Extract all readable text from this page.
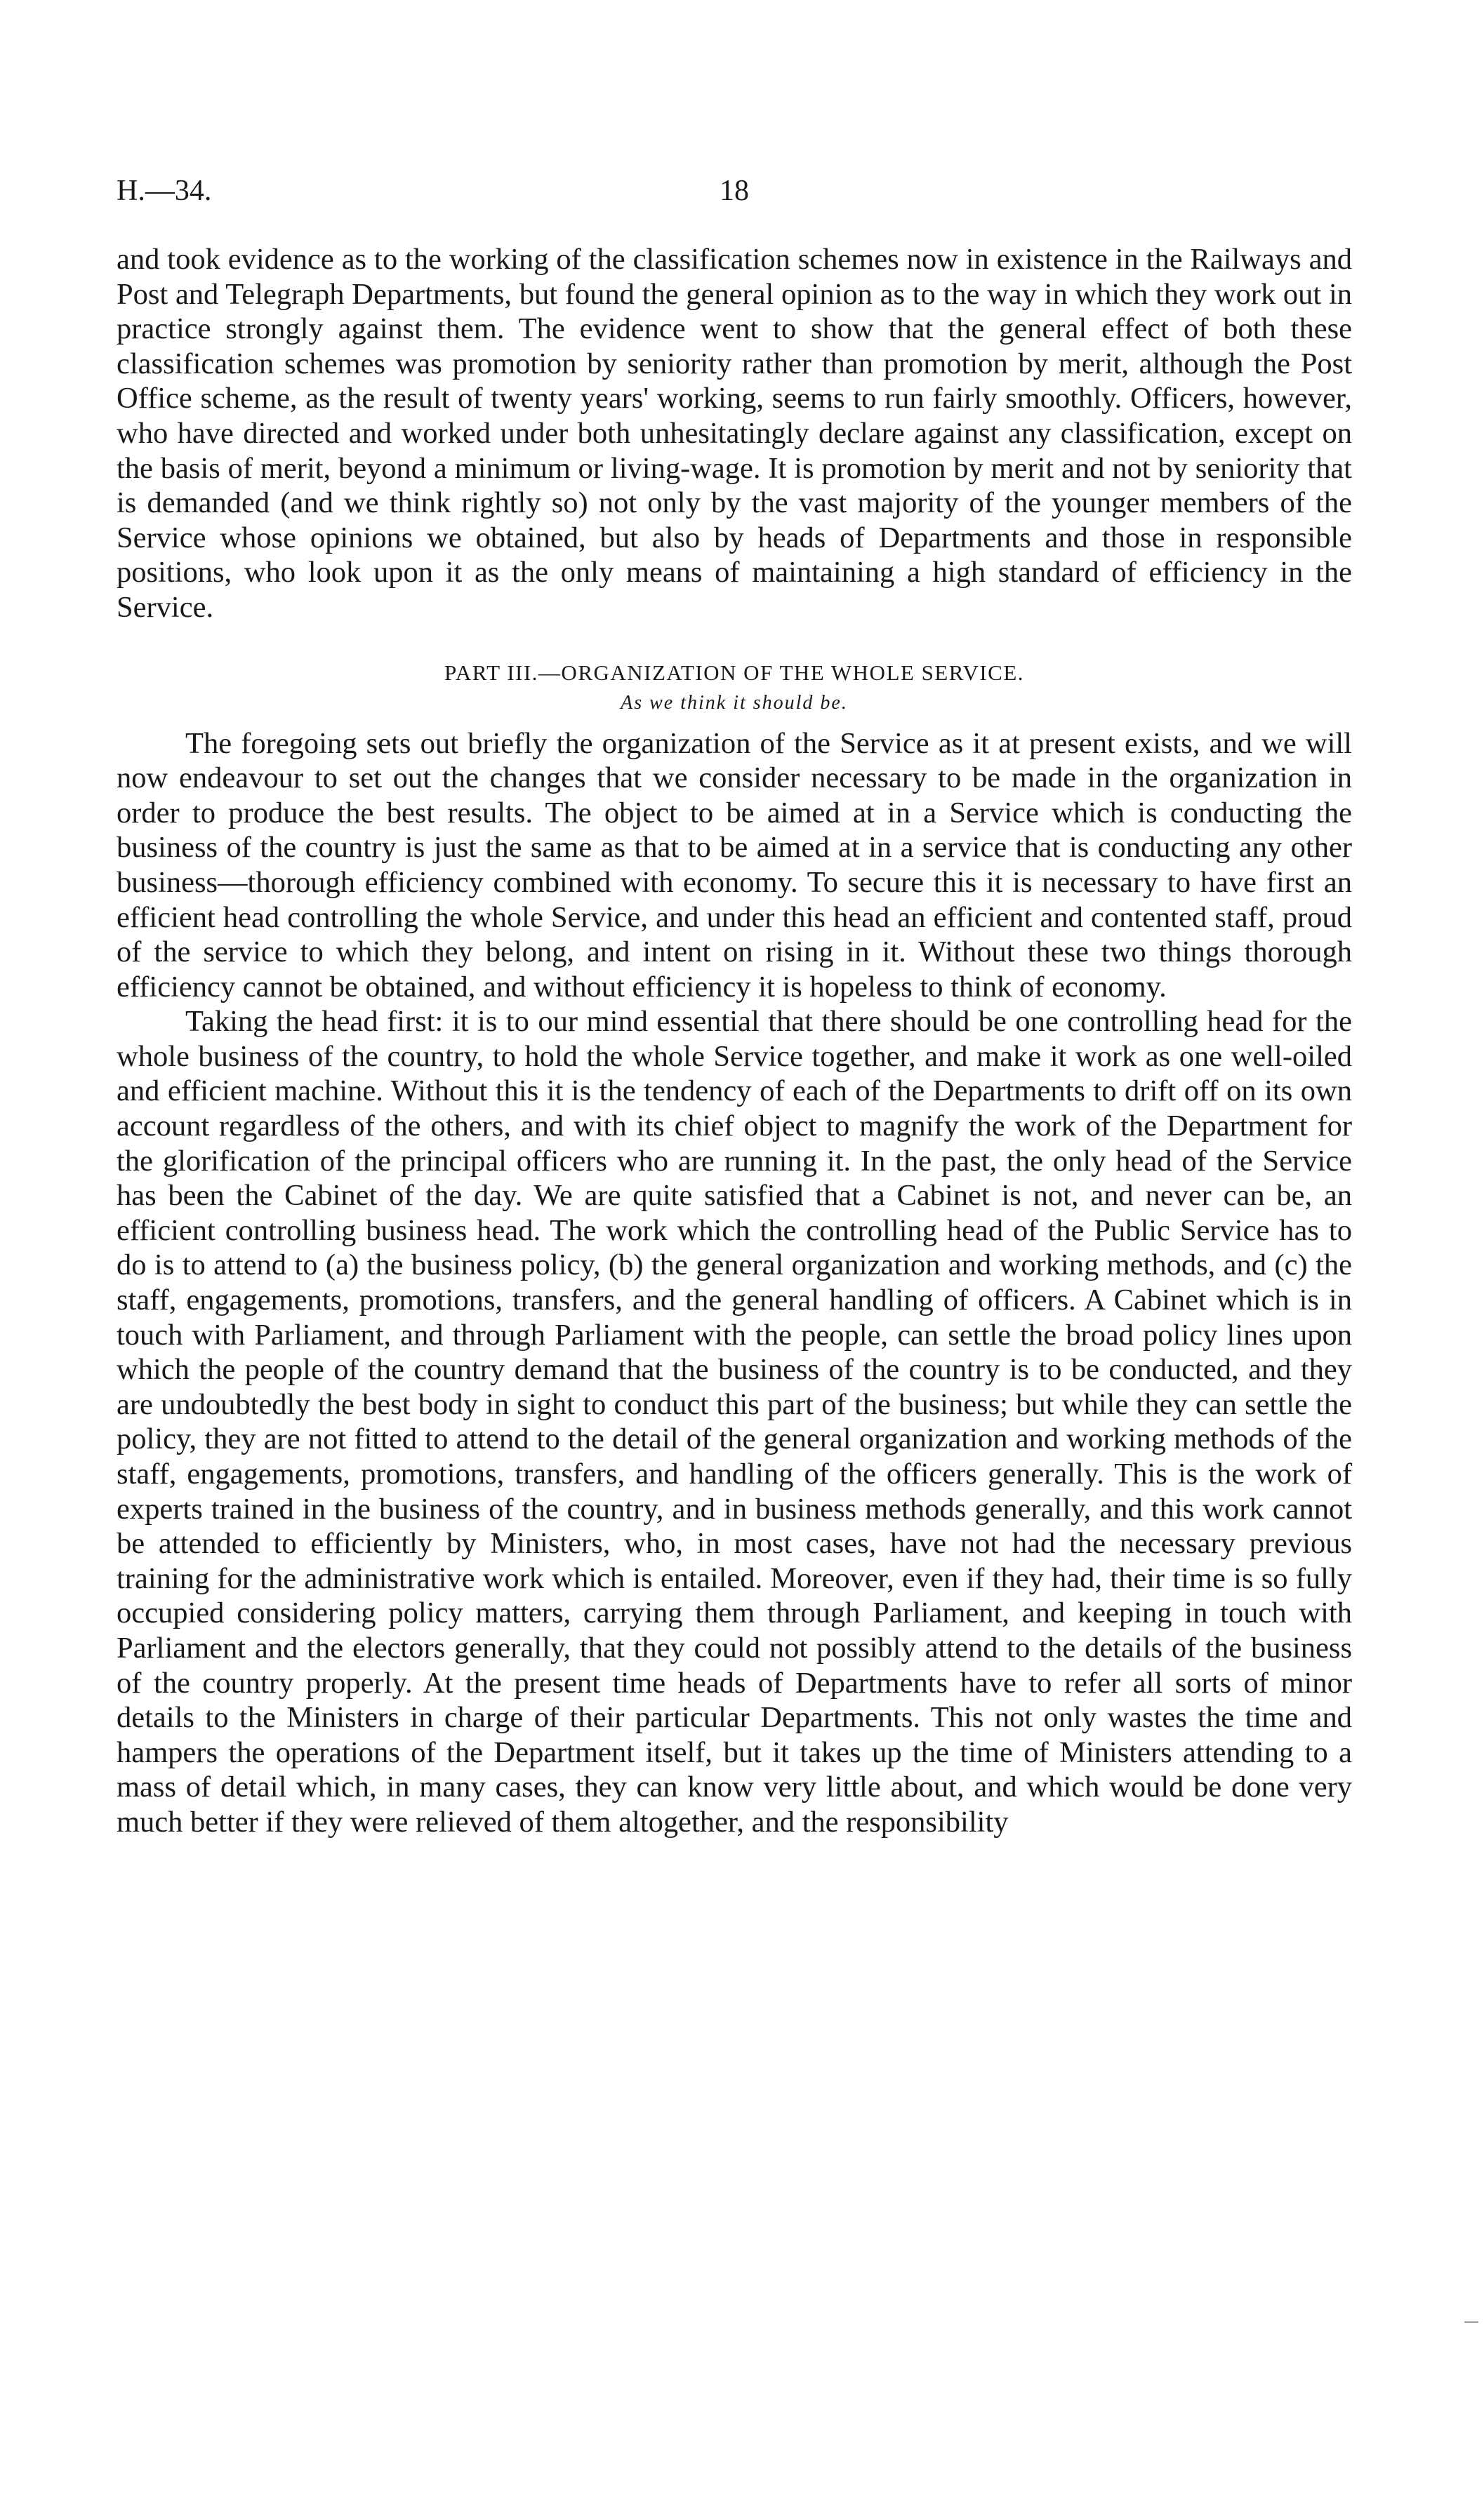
H.—34.	18

and took evidence as to the working of the classification schemes now in existence in the Railways and Post and Telegraph Departments, but found the general opinion as to the way in which they work out in practice strongly against them. The evidence went to show that the general effect of both these classification schemes was promotion by seniority rather than promotion by merit, although the Post Office scheme, as the result of twenty years' working, seems to run fairly smoothly. Officers, however, who have directed and worked under both unhesitatingly declare against any classification, except on the basis of merit, beyond a minimum or living-wage. It is promotion by merit and not by seniority that is demanded (and we think rightly so) not only by the vast majority of the younger members of the Service whose opinions we obtained, but also by heads of Departments and those in responsible positions, who look upon it as the only means of maintaining a high standard of efficiency in the Service.

PART III.—ORGANIZATION OF THE WHOLE SERVICE.
As we think it should be.

The foregoing sets out briefly the organization of the Service as it at present exists, and we will now endeavour to set out the changes that we consider necessary to be made in the organization in order to produce the best results. The object to be aimed at in a Service which is conducting the business of the country is just the same as that to be aimed at in a service that is conducting any other business—thorough efficiency combined with economy. To secure this it is necessary to have first an efficient head controlling the whole Service, and under this head an efficient and contented staff, proud of the service to which they belong, and intent on rising in it. Without these two things thorough efficiency cannot be obtained, and without efficiency it is hopeless to think of economy.

Taking the head first: it is to our mind essential that there should be one controlling head for the whole business of the country, to hold the whole Service together, and make it work as one well-oiled and efficient machine. Without this it is the tendency of each of the Departments to drift off on its own account regardless of the others, and with its chief object to magnify the work of the Department for the glorification of the principal officers who are running it. In the past, the only head of the Service has been the Cabinet of the day. We are quite satisfied that a Cabinet is not, and never can be, an efficient controlling business head. The work which the controlling head of the Public Service has to do is to attend to (a) the business policy, (b) the general organization and working methods, and (c) the staff, engagements, promotions, transfers, and the general handling of officers. A Cabinet which is in touch with Parliament, and through Parliament with the people, can settle the broad policy lines upon which the people of the country demand that the business of the country is to be conducted, and they are undoubtedly the best body in sight to conduct this part of the business; but while they can settle the policy, they are not fitted to attend to the detail of the general organization and working methods of the staff, engagements, promotions, transfers, and handling of the officers generally. This is the work of experts trained in the business of the country, and in business methods generally, and this work cannot be attended to efficiently by Ministers, who, in most cases, have not had the necessary previous training for the administrative work which is entailed. Moreover, even if they had, their time is so fully occupied considering policy matters, carrying them through Parliament, and keeping in touch with Parliament and the electors generally, that they could not possibly attend to the details of the business of the country properly. At the present time heads of Departments have to refer all sorts of minor details to the Ministers in charge of their particular Departments. This not only wastes the time and hampers the operations of the Department itself, but it takes up the time of Ministers attending to a mass of detail which, in many cases, they can know very little about, and which would be done very much better if they were relieved of them altogether, and the responsibility
